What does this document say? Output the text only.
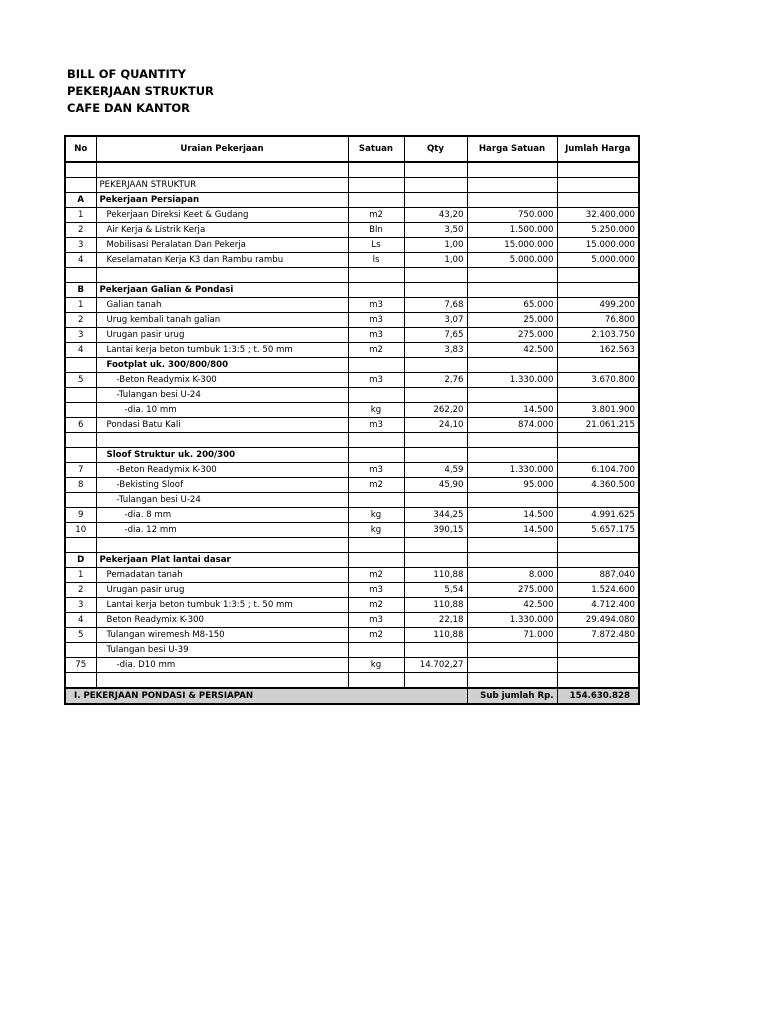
BILL OF QUANTITY
PEKERJAAN STRUKTUR
CAFE DAN KANTOR
No	Uraian Pekerjaan	Satuan	Qty	Harga Satuan	Jumlah Harga

	PEKERJAAN STRUKTUR				
A	Pekerjaan Persiapan				
1	Pekerjaan Direksi Keet & Gudang	m2	43,20	750.000	32.400.000
2	Air Kerja & Listrik Kerja	Bln	3,50	1.500.000	5.250.000
3	Mobilisasi Peralatan Dan Pekerja	Ls	1,00	15.000.000	15.000.000
4	Keselamatan Kerja K3 dan Rambu rambu	ls	1,00	5.000.000	5.000.000

B	Pekerjaan Galian & Pondasi				
1	Galian tanah	m3	7,68	65.000	499.200
2	Urug kembali tanah galian	m3	3,07	25.000	76.800
3	Urugan pasir urug	m3	7,65	275.000	2.103.750
4	Lantai kerja beton tumbuk 1:3:5 ; t. 50 mm	m2	3,83	42.500	162.563
	Footplat uk. 300/800/800				
5	-Beton Readymix K-300	m3	2,76	1.330.000	3.670.800
	-Tulangan besi U-24				
	-dia. 10 mm	kg	262,20	14.500	3.801.900
6	Pondasi Batu Kali	m3	24,10	874.000	21.061.215

	Sloof Struktur uk. 200/300				
7	-Beton Readymix K-300	m3	4,59	1.330.000	6.104.700
8	-Bekisting Sloof	m2	45,90	95.000	4.360.500
	-Tulangan besi U-24				
9	-dia. 8 mm	kg	344,25	14.500	4.991.625
10	-dia. 12 mm	kg	390,15	14.500	5.657.175

D	Pekerjaan Plat lantai dasar				
1	Pemadatan tanah	m2	110,88	8.000	887.040
2	Urugan pasir urug	m3	5,54	275.000	1.524.600
3	Lantai kerja beton tumbuk 1:3:5 ; t. 50 mm	m2	110,88	42.500	4.712.400
4	Beton Readymix K-300	m3	22,18	1.330.000	29.494.080
5	Tulangan wiremesh M8-150	m2	110,88	71.000	7.872.480
	Tulangan besi U-39				
75	-dia. D10 mm	kg	14.702,27		

I. PEKERJAAN PONDASI & PERSIAPAN				Sub jumlah Rp.	154.630.828
